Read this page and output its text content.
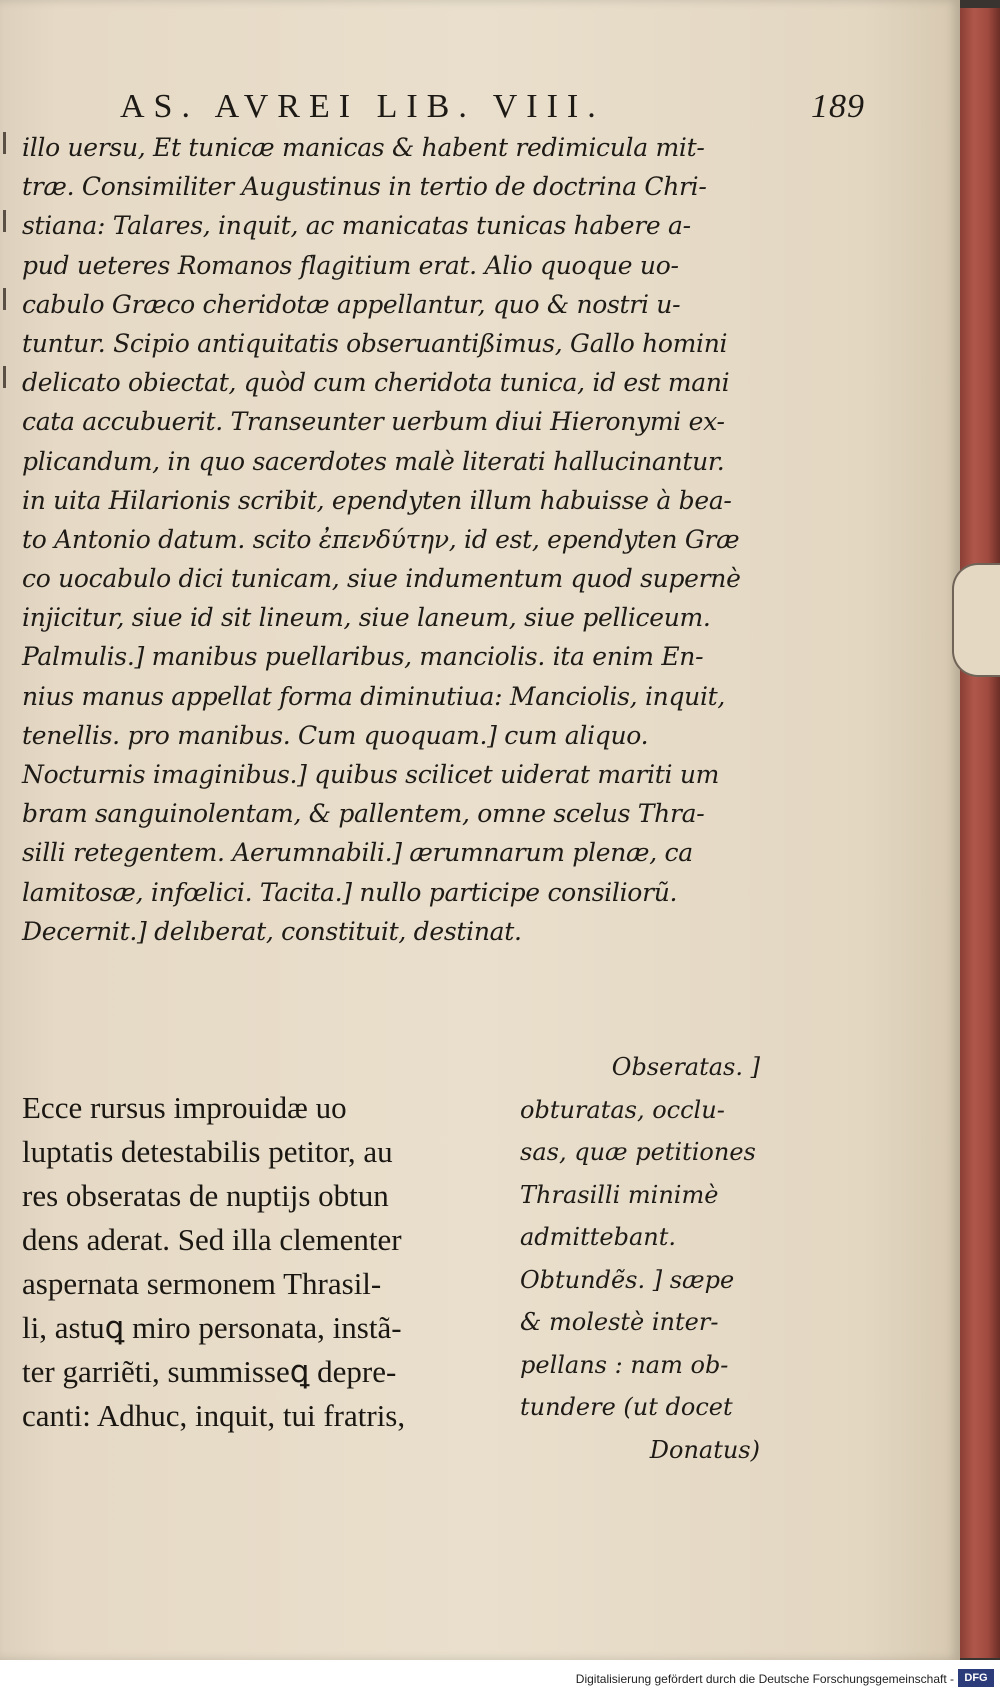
AS. AVREI LIB. VIII.	189
illo uersu, Et tunicæ manicas & habent redimicula mit-
træ. Consimiliter Augustinus in tertio de doctrina Chri-
stiana: Talares, inquit, ac manicatas tunicas habere a-
pud ueteres Romanos flagitium erat. Alio quoque uo-
cabulo Græco cheridotæ appellantur, quo & nostri u-
tuntur. Scipio antiquitatis obseruantißimus, Gallo homini
delicato obiectat, quòd cum cheridota tunica, id est mani
cata accubuerit. Transeunter uerbum diui Hieronymi ex-
plicandum, in quo sacerdotes malè literati hallucinantur.
in uita Hilarionis scribit, ependyten illum habuisse à bea-
to Antonio datum. scito ἐπενδύτην, id est, ependyten Græ
co uocabulo dici tunicam, siue indumentum quod supernè
injicitur, siue id sit lineum, siue laneum, siue pelliceum.
Palmulis.] manibus puellaribus, manciolis. ita enim En-
nius manus appellat forma diminutiua: Manciolis, inquit,
tenellis. pro manibus. Cum quoquam.] cum aliquo.
Nocturnis imaginibus.] quibus scilicet uiderat mariti um
bram sanguinolentam, & pallentem, omne scelus Thra-
silli retegentem. Aerumnabili.] ærumnarum plenæ, ca
lamitosæ, infœlici. Tacita.] nullo participe consiliorũ.
Decernit.] delıberat, constituit, destinat.
Obseratas. ]
obturatas, occlu-
sas, quæ petitiones
Thrasilli minimè
admittebant.
Obtundẽs. ] sæpe
& molestè inter-
pellans : nam ob-
tundere (ut docet
Donatus)
Ecce rursus improuidæ uo
luptatis detestabilis petitor, au
res obseratas de nuptijs obtun
dens aderat. Sed illa clementer
aspernata sermonem Thrasil-
li, astuꝗ miro personata, instã-
ter garriẽti, summisseꝗ depre-
canti: Adhuc, inquit, tui fratris,
Digitalisierung gefördert durch die Deutsche Forschungsgemeinschaft - DFG
